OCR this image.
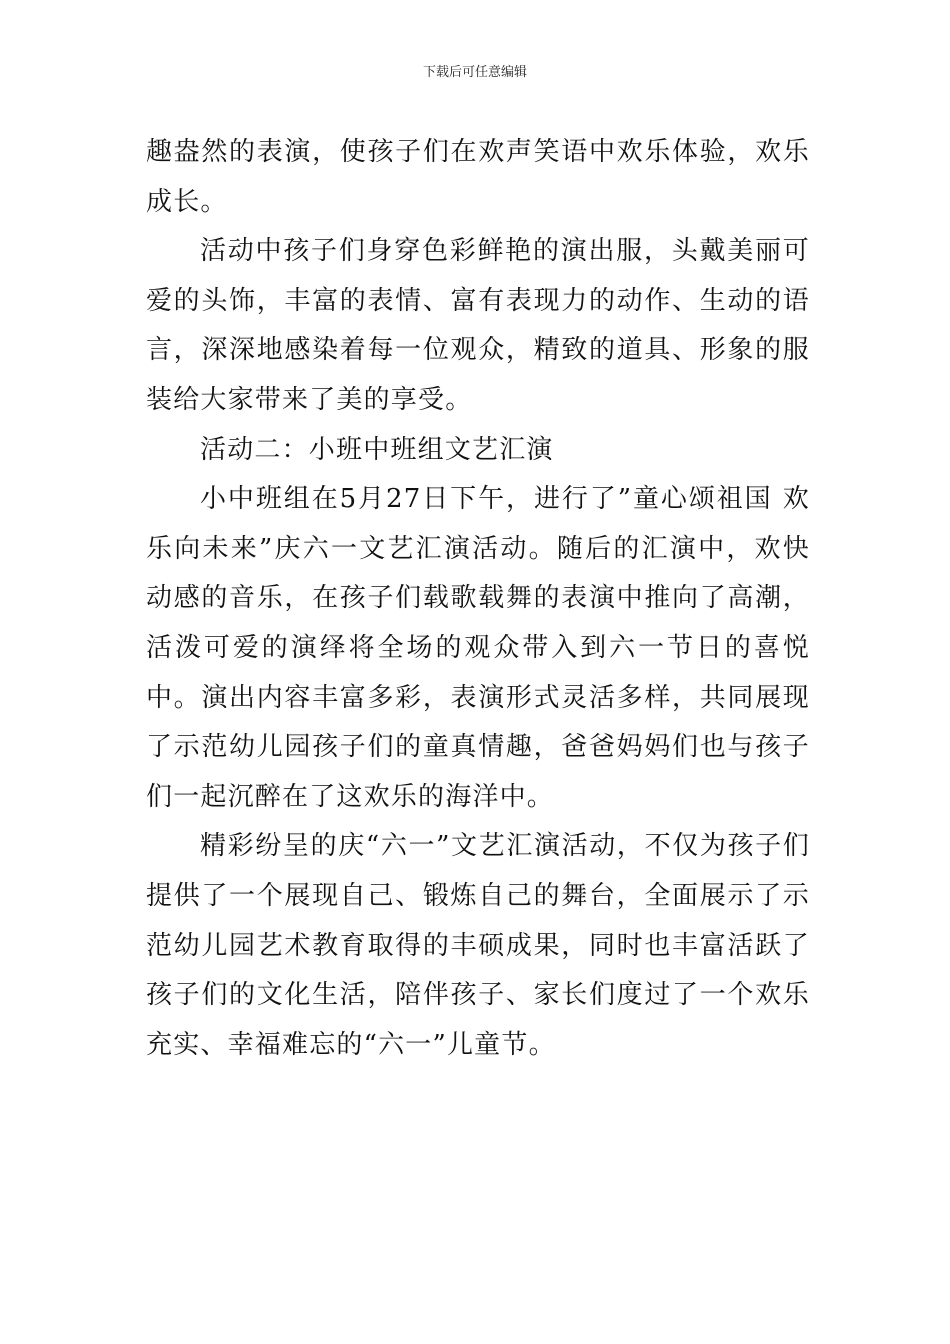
下载后可任意编辑

趣盎然的表演，使孩子们在欢声笑语中欢乐体验，欢乐成长。

活动中孩子们身穿色彩鲜艳的演出服，头戴美丽可爱的头饰，丰富的表情、富有表现力的动作、生动的语言，深深地感染着每一位观众，精致的道具、形象的服装给大家带来了美的享受。

活动二：小班中班组文艺汇演

小中班组在5月27日下午，进行了”童心颂祖国 欢乐向未来”庆六一文艺汇演活动。随后的汇演中，欢快动感的音乐，在孩子们载歌载舞的表演中推向了高潮，活泼可爱的演绎将全场的观众带入到六一节日的喜悦中。演出内容丰富多彩，表演形式灵活多样，共同展现了示范幼儿园孩子们的童真情趣，爸爸妈妈们也与孩子们一起沉醉在了这欢乐的海洋中。

精彩纷呈的庆“六一”文艺汇演活动，不仅为孩子们提供了一个展现自己、锻炼自己的舞台，全面展示了示范幼儿园艺术教育取得的丰硕成果，同时也丰富活跃了孩子们的文化生活，陪伴孩子、家长们度过了一个欢乐充实、幸福难忘的“六一”儿童节。
